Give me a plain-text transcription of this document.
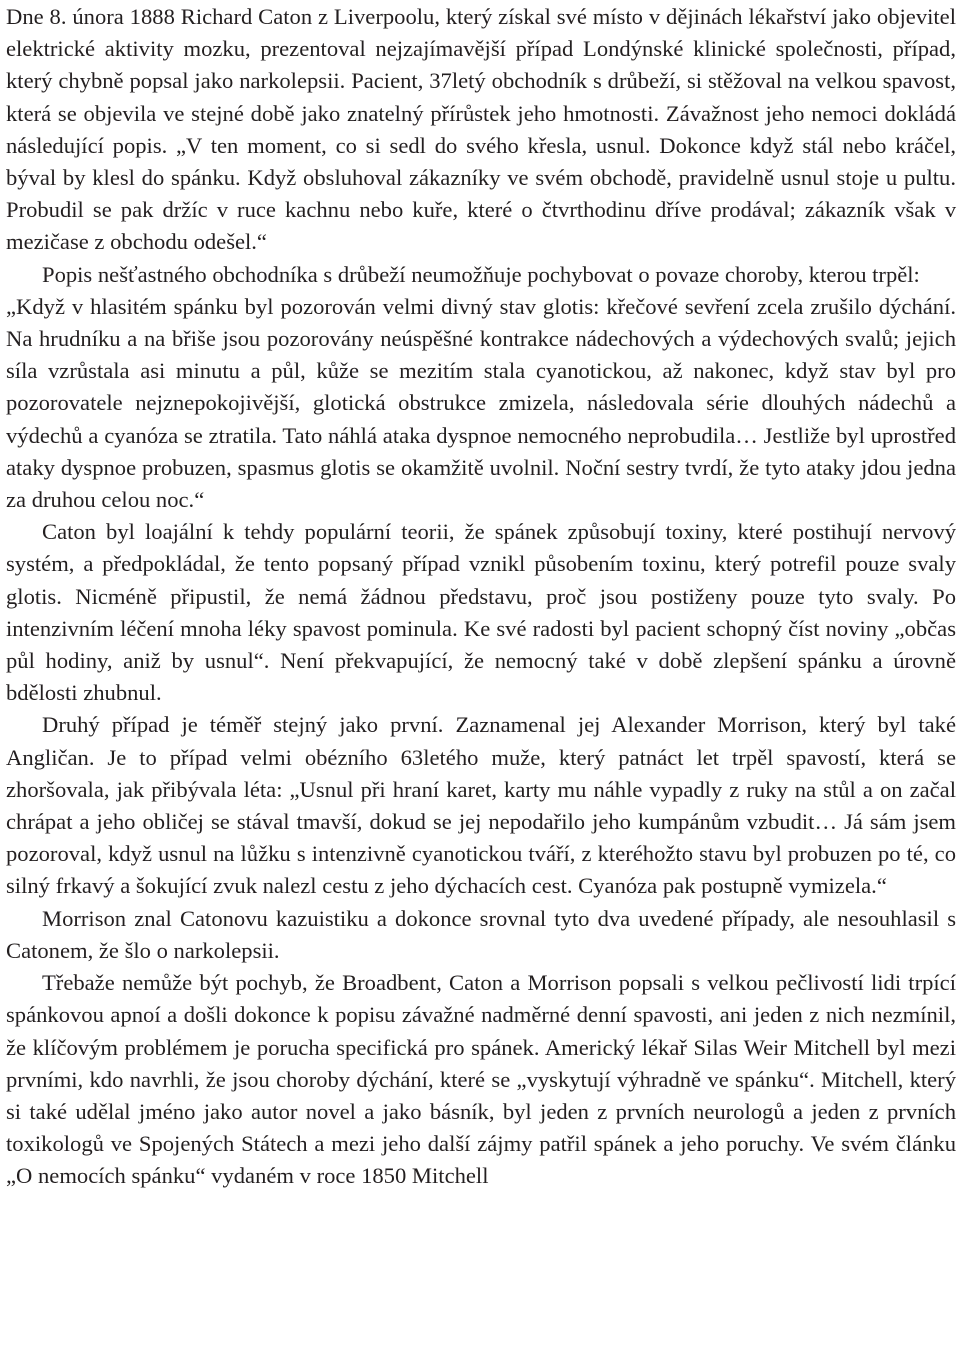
Dne 8. února 1888 Richard Caton z Liverpoolu, který získal své místo v dějinách lékařství jako objevitel elektrické aktivity mozku, prezentoval nejzajímavější případ Londýnské klinické společnosti, případ, který chybně popsal jako narkolepsii. Pacient, 37letý obchodník s drůbeží, si stěžoval na velkou spavost, která se objevila ve stejné době jako znatelný přírůstek jeho hmotnosti. Závažnost jeho nemoci dokládá následující popis. „V ten moment, co si sedl do svého křesla, usnul. Dokonce když stál nebo kráčel, býval by klesl do spánku. Když obsluhoval zákazníky ve svém obchodě, pravidelně usnul stoje u pultu. Probudil se pak držíc v ruce kachnu nebo kuře, které o čtvrthodinu dříve prodával; zákazník však v mezičase z obchodu odešel.“

Popis nešťastného obchodníka s drůbeží neumožňuje pochybovat o povaze choroby, kterou trpěl:

„Když v hlasitém spánku byl pozorován velmi divný stav glotis: křečové sevření zcela zrušilo dýchání. Na hrudníku a na břiše jsou pozorovány neúspěšné kontrakce nádechových a výdechových svalů; jejich síla vzrůstala asi minutu a půl, kůže se mezitím stala cyanotickou, až nakonec, když stav byl pro pozorovatele nejznepokojivější, glotická obstrukce zmizela, následovala série dlouhých nádechů a výdechů a cyanóza se ztratila. Tato náhlá ataka dyspnoe nemocného neprobudila… Jestliže byl uprostřed ataky dyspnoe probuzen, spasmus glotis se okamžitě uvolnil. Noční sestry tvrdí, že tyto ataky jdou jedna za druhou celou noc.“

Caton byl loajální k tehdy populární teorii, že spánek způsobují toxiny, které postihují nervový systém, a předpokládal, že tento popsaný případ vznikl působením toxinu, který potrefil pouze svaly glotis. Nicméně připustil, že nemá žádnou představu, proč jsou postiženy pouze tyto svaly. Po intenzivním léčení mnoha léky spavost pominula. Ke své radosti byl pacient schopný číst noviny „občas půl hodiny, aniž by usnul“. Není překvapující, že nemocný také v době zlepšení spánku a úrovně bdělosti zhubnul.

Druhý případ je téměř stejný jako první. Zaznamenal jej Alexander Morrison, který byl také Angličan. Je to případ velmi obézního 63letého muže, který patnáct let trpěl spavostí, která se zhoršovala, jak přibývala léta: „Usnul při hraní karet, karty mu náhle vypadly z ruky na stůl a on začal chrápat a jeho obličej se stával tmavší, dokud se jej nepodařilo jeho kumpánům vzbudit… Já sám jsem pozoroval, když usnul na lůžku s intenzivně cyanotickou tváří, z kteréhožto stavu byl probuzen po té, co silný frkavý a šokující zvuk nalezl cestu z jeho dýchacích cest. Cyanóza pak postupně vymizela.“

Morrison znal Catonovu kazuistiku a dokonce srovnal tyto dva uvedené případy, ale nesouhlasil s Catonem, že šlo o narkolepsii.

Třebaže nemůže být pochyb, že Broadbent, Caton a Morrison popsali s velkou pečlivostí lidi trpící spánkovou apnoí a došli dokonce k popisu závažné nadměrné denní spavosti, ani jeden z nich nezmínil, že klíčovým problémem je porucha specifická pro spánek. Americký lékař Silas Weir Mitchell byl mezi prvními, kdo navrhli, že jsou choroby dýchání, které se „vyskytují výhradně ve spánku“. Mitchell, který si také udělal jméno jako autor novel a jako básník, byl jeden z prvních neurologů a jeden z prvních toxikologů ve Spojených Státech a mezi jeho další zájmy patřil spánek a jeho poruchy. Ve svém článku „O nemocích spánku“ vydaném v roce 1850 Mitchell
